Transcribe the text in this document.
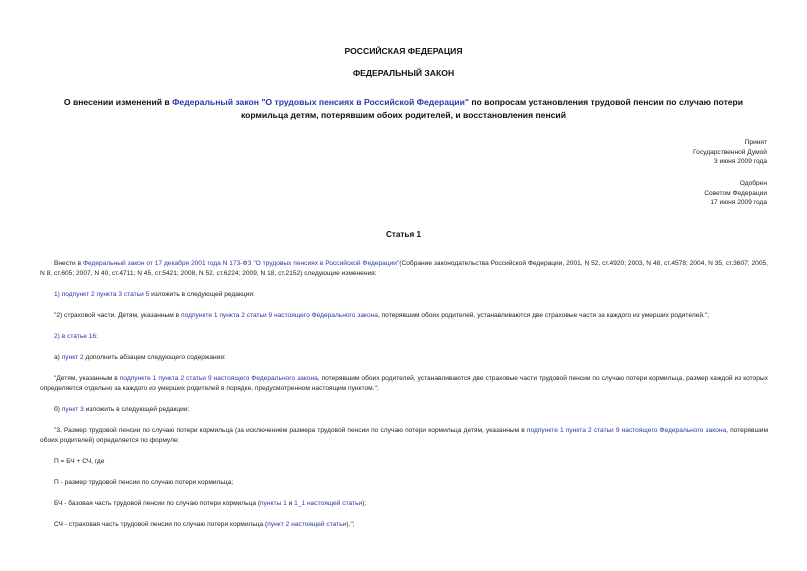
РОССИЙСКАЯ ФЕДЕРАЦИЯ
ФЕДЕРАЛЬНЫЙ ЗАКОН
О внесении изменений в Федеральный закон "О трудовых пенсиях в Российской Федерации" по вопросам установления трудовой пенсии по случаю потери кормильца детям, потерявшим обоих родителей, и восстановления пенсий
Принят
Государственной Думой
3 июня 2009 года
Одобрен
Советом Федерации
17 июня 2009 года
Статья 1
Внести в Федеральный закон от 17 декабря 2001 года N 173-ФЗ "О трудовых пенсиях в Российской Федерации"(Собрание законодательства Российской Федерации, 2001, N 52, ст.4920; 2003, N 48, ст.4578; 2004, N 35, ст.3607; 2005, N 8, ст.605; 2007, N 40, ст.4711; N 45, ст.5421; 2008, N 52, ст.6224; 2009, N 18, ст.2152) следующие изменения:
1) подпункт 2 пункта 3 статьи 5 изложить в следующей редакции:
"2) страховой части. Детям, указанным в подпункте 1 пункта 2 статьи 9 настоящего Федерального закона, потерявшим обоих родителей, устанавливаются две страховые части за каждого из умерших родителей.";
2) в статье 16:
а) пункт 2 дополнить абзацем следующего содержания:
"Детям, указанным в подпункте 1 пункта 2 статьи 9 настоящего Федерального закона, потерявшим обоих родителей, устанавливаются две страховые части трудовой пенсии по случаю потери кормильца, размер каждой из которых определяется отдельно за каждого из умерших родителей в порядке, предусмотренном настоящим пунктом.";
б) пункт 3 изложить в следующей редакции:
"3. Размер трудовой пенсии по случаю потери кормильца (за исключением размера трудовой пенсии по случаю потери кормильца детям, указанным в подпункте 1 пункта 2 статьи 9 настоящего Федерального закона, потерявшим обоих родителей) определяется по формуле:
П = БЧ + СЧ, где
П - размер трудовой пенсии по случаю потери кормильца;
БЧ - базовая часть трудовой пенсии по случаю потери кормильца (пункты 1 и 1_1 настоящей статьи);
СЧ - страховая часть трудовой пенсии по случаю потери кормильца (пункт 2 настоящей статьи).";
